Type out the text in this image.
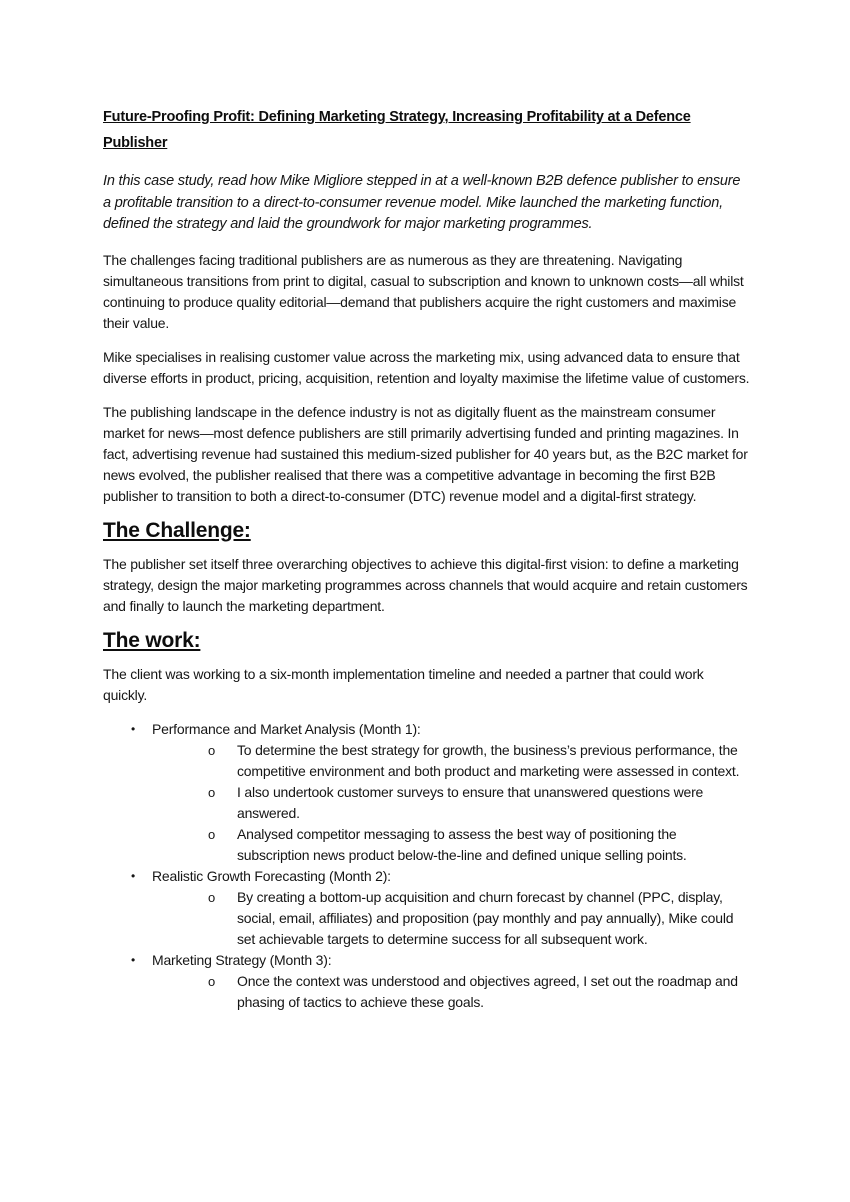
Future-Proofing Profit: Defining Marketing Strategy, Increasing Profitability at a Defence Publisher

In this case study, read how Mike Migliore stepped in at a well-known B2B defence publisher to ensure a profitable transition to a direct-to-consumer revenue model. Mike launched the marketing function, defined the strategy and laid the groundwork for major marketing programmes.

The challenges facing traditional publishers are as numerous as they are threatening. Navigating simultaneous transitions from print to digital, casual to subscription and known to unknown costs—all whilst continuing to produce quality editorial—demand that publishers acquire the right customers and maximise their value.

Mike specialises in realising customer value across the marketing mix, using advanced data to ensure that diverse efforts in product, pricing, acquisition, retention and loyalty maximise the lifetime value of customers.

The publishing landscape in the defence industry is not as digitally fluent as the mainstream consumer market for news—most defence publishers are still primarily advertising funded and printing magazines. In fact, advertising revenue had sustained this medium-sized publisher for 40 years but, as the B2C market for news evolved, the publisher realised that there was a competitive advantage in becoming the first B2B publisher to transition to both a direct-to-consumer (DTC) revenue model and a digital-first strategy.

The Challenge:

The publisher set itself three overarching objectives to achieve this digital-first vision: to define a marketing strategy, design the major marketing programmes across channels that would acquire and retain customers and finally to launch the marketing department.

The work:

The client was working to a six-month implementation timeline and needed a partner that could work quickly.

•	Performance and Market Analysis (Month 1):
o	To determine the best strategy for growth, the business’s previous performance, the competitive environment and both product and marketing were assessed in context.
o	I also undertook customer surveys to ensure that unanswered questions were answered.
o	Analysed competitor messaging to assess the best way of positioning the subscription news product below-the-line and defined unique selling points.
•	Realistic Growth Forecasting (Month 2):
o	By creating a bottom-up acquisition and churn forecast by channel (PPC, display, social, email, affiliates) and proposition (pay monthly and pay annually), Mike could set achievable targets to determine success for all subsequent work.
•	Marketing Strategy (Month 3):
o	Once the context was understood and objectives agreed, I set out the roadmap and phasing of tactics to achieve these goals.
